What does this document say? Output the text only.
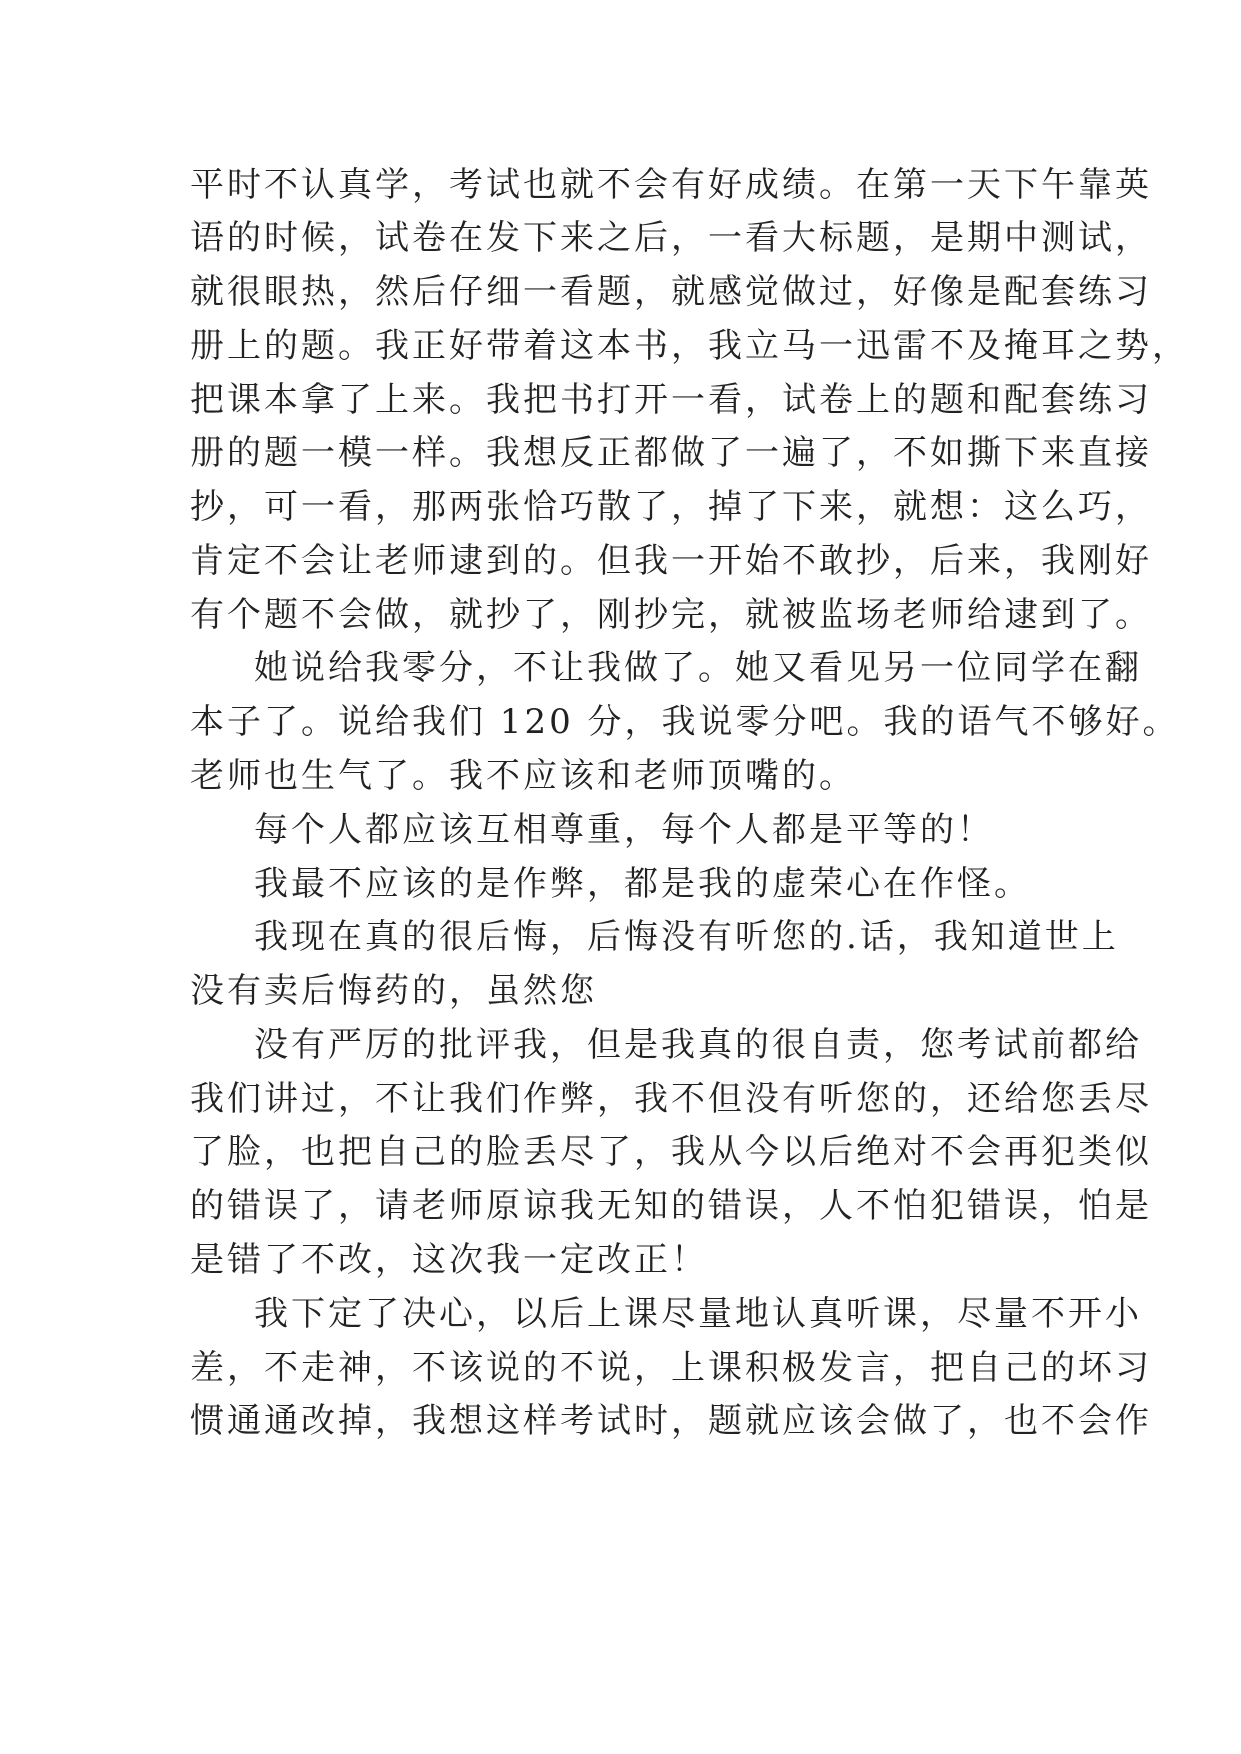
平时不认真学，考试也就不会有好成绩。在第一天下午靠英
语的时候，试卷在发下来之后，一看大标题，是期中测试，
就很眼热，然后仔细一看题，就感觉做过，好像是配套练习
册上的题。我正好带着这本书，我立马一迅雷不及掩耳之势，
把课本拿了上来。我把书打开一看，试卷上的题和配套练习
册的题一模一样。我想反正都做了一遍了，不如撕下来直接
抄，可一看，那两张恰巧散了，掉了下来，就想：这么巧，
肯定不会让老师逮到的。但我一开始不敢抄，后来，我刚好
有个题不会做，就抄了，刚抄完，就被监场老师给逮到了。
她说给我零分，不让我做了。她又看见另一位同学在翻
本子了。说给我们 120 分，我说零分吧。我的语气不够好。
老师也生气了。我不应该和老师顶嘴的。
每个人都应该互相尊重，每个人都是平等的！
我最不应该的是作弊，都是我的虚荣心在作怪。
我现在真的很后悔，后悔没有听您的.话，我知道世上
没有卖后悔药的，虽然您
没有严厉的批评我，但是我真的很自责，您考试前都给
我们讲过，不让我们作弊，我不但没有听您的，还给您丢尽
了脸，也把自己的脸丢尽了，我从今以后绝对不会再犯类似
的错误了，请老师原谅我无知的错误，人不怕犯错误，怕是
是错了不改，这次我一定改正！
我下定了决心，以后上课尽量地认真听课，尽量不开小
差，不走神，不该说的不说，上课积极发言，把自己的坏习
惯通通改掉，我想这样考试时，题就应该会做了，也不会作
